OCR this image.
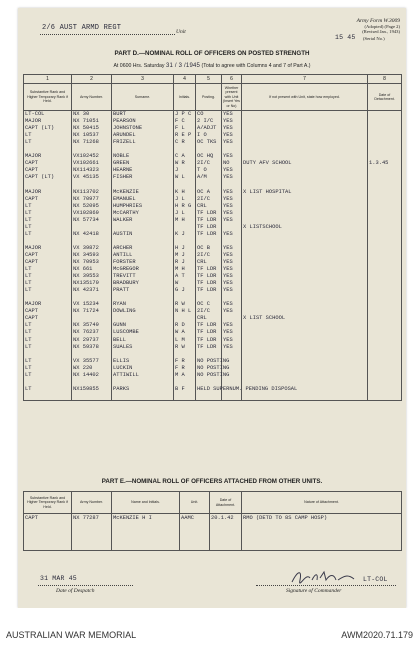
2/6 AUST ARMD REGT	Unit
Army Form W.3009
(Adopted) (Page 2)
(Revised Jan., 1943)
15 45 (Serial No.)
PART D.—NOMINAL ROLL OF OFFICERS ON POSTED STRENGTH
At 0600 Hrs. Saturday 31 / 3 /1945 (Total to agree with Columns 4 and 7 of Part A.)
1	2	3	4	5	6	7	8
Substantive Rank and Higher Temporary Rank if Held.	Army Number.	Surname.	Initials.	Posting.	Whether present with Unit (Insert Yes or No)	If not present with Unit, state how employed.	Date of Detachment.
LT-COL	NX 30	BURT	J P C	CO	YES		
MAJOR	NX 71051	PEARSON	F C	2 I/C	YES		
CAPT (LT)	NX 50415	JOHNSTONE	F L	A/ADJT	YES		
LT	NX 10537	ARUNDEL	R E P	I O	YES		
LT	NX 71268	FRIZELL	C R	OC TKS	YES		

MAJOR	VX102452	NOBLE	C A	OC HQ	YES		
CAPT	VX102661	GREEN	W R	2I/C	NO	DUTY AFV SCHOOL	1.3.45
CAPT	NX114323	HEARNE	J	T O	YES		
CAPT (LT)	VX 45135	FISHER	W L	A/M	YES		

MAJOR	NX113702	McKENZIE	K H	OC A	YES	X LIST HOSPITAL	
CAPT	NX 70977	EMANUEL	J L	2I/C	YES		
LT	NX 52095	HUMPHRIES	H R G	CRL	YES		
LT	VX102869	McCARTHY	J L	TF LDR	YES		
LT	NX 57734	WALKER	M H	TF LDR	YES		
LT				TF LDR		X LISTSCHOOL	
LT	NX 42418	AUSTIN	K J	TF LDR	YES		

MAJOR	VX 39872	ARCHER	H J	OC B	YES		
CAPT	NX 34593	ANTILL	M J	2I/C	YES		
CAPT	NX 70953	FORSTER	R J	CRL	YES		
LT	NX 661	McGREGOR	M H	TF LDR	YES		
LT	NX 39553	TREVITT	A T	TF LDR	YES		
LT	NX135170	BRADBURY	W	TF LDR	YES		
LT	NX 42371	PRATT	G J	TF LDR	YES		

MAJOR	VX 15234	RYAN	R W	OC C	YES		
CAPT	NX 71724	DOWLING	N H L	2I/C	YES		
CAPT				CRL		X LIST SCHOOL	
LT	NX 35749	GUNN	R D	TF LDR	YES		
LT	NX 76237	LUSCOMBE	W A	TF LDR	YES		
LT	NX 29737	BELL	L M	TF LDR	YES		
LT	NX 59378	SUALES	R W	TF LDR	YES		

LT	VX 35577	ELLIS	F R	NO POSTING			
LT	WX 220	LUCKIN	F R	NO POSTING			
LT	NX 14402	ATTIWILL	M A	NO POSTING			

LT	NX159855	PARKS	B F	HELD SUPERNUM. PENDING DISPOSAL			

PART E.—NOMINAL ROLL OF OFFICERS ATTACHED FROM OTHER UNITS.
Substantive Rank and Higher Temporary Rank if Held.	Army Number.	Name and Initials.	Unit.	Date of Attachment.	Nature of Attachment.
CAPT	NX 77287	McKENZIE H I	AAMC	20.1.42	RMO (DETD TO 8S CAMP HOSP)

31 MAR 45
Date of Despatch
LT-COL
Signature of Commander
AUSTRALIAN WAR MEMORIAL	AWM2020.71.179
